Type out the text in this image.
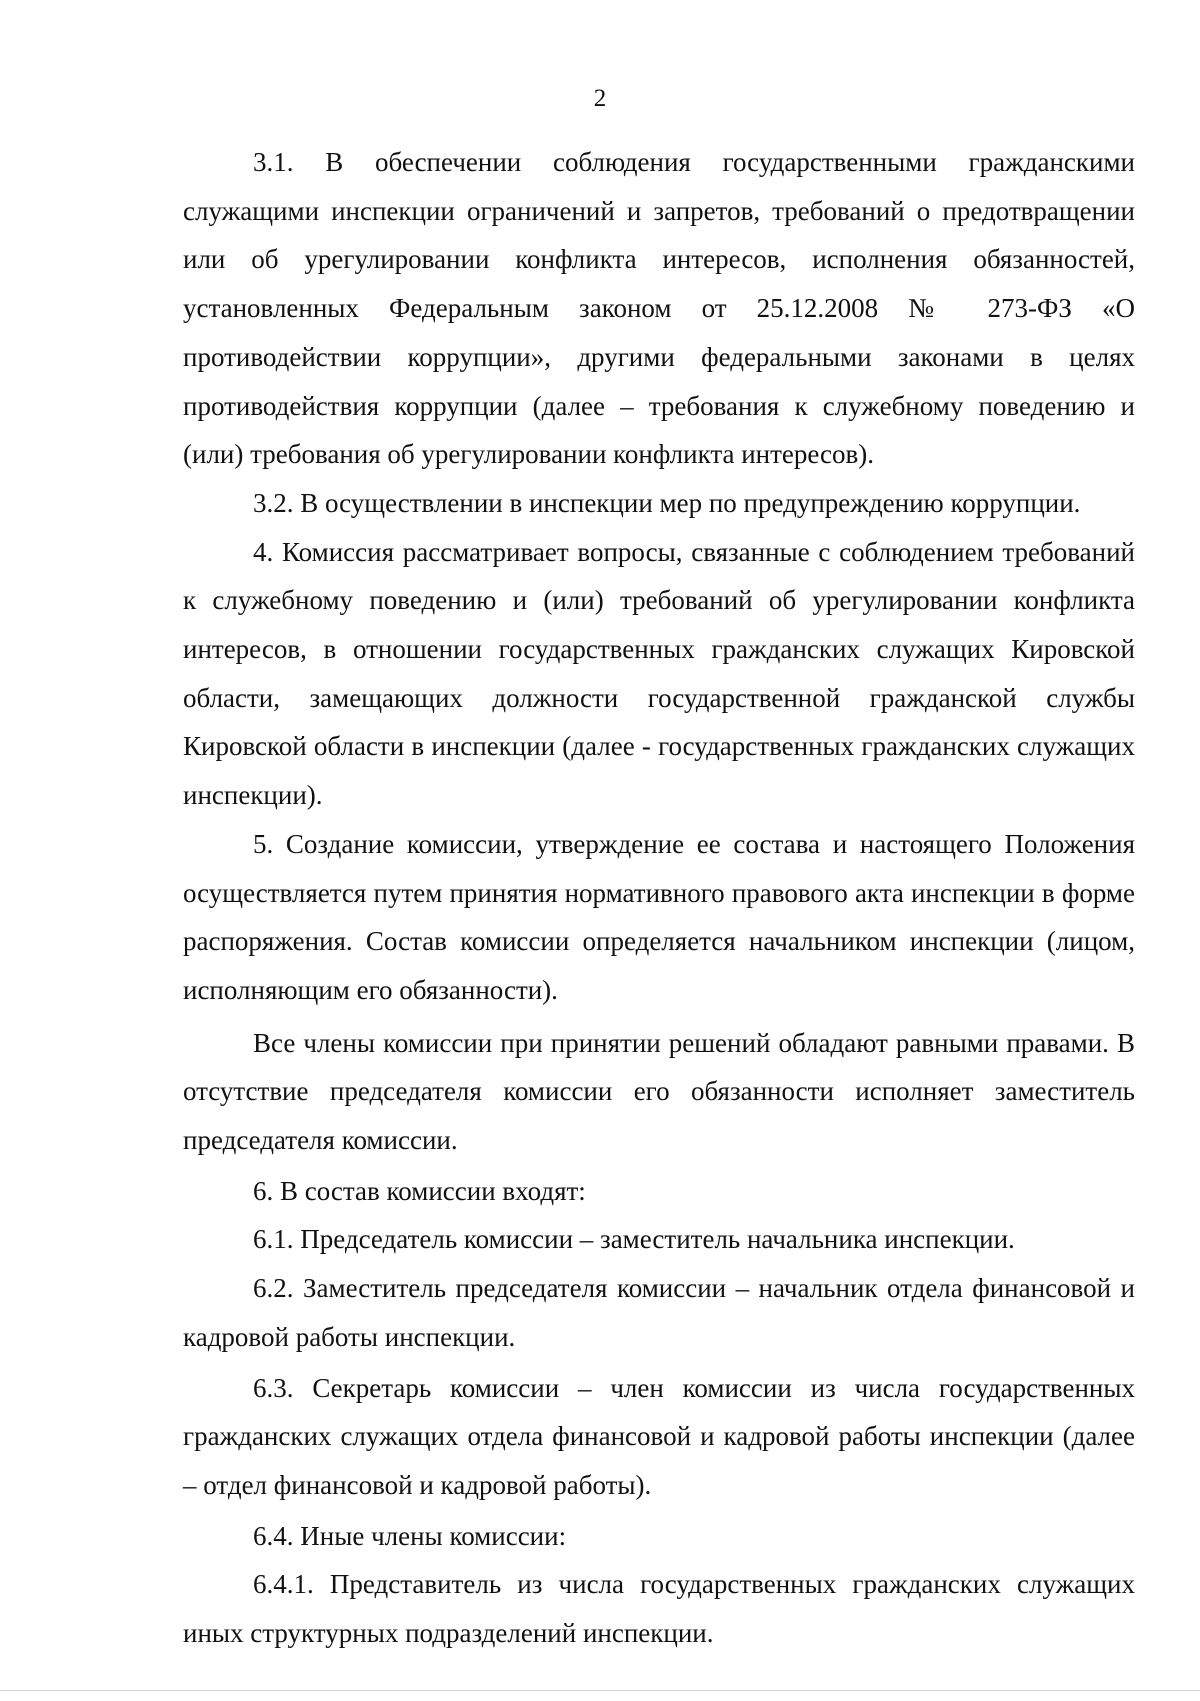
2

3.1. В обеспечении соблюдения государственными гражданскими служащими инспекции ограничений и запретов, требований о предотвращении или об урегулировании конфликта интересов, исполнения обязанностей, установленных Федеральным законом от 25.12.2008 № 273-ФЗ «О противодействии коррупции», другими федеральными законами в целях противодействия коррупции (далее – требования к служебному поведению и (или) требования об урегулировании конфликта интересов).

3.2. В осуществлении в инспекции мер по предупреждению коррупции.

4. Комиссия рассматривает вопросы, связанные с соблюдением требований к служебному поведению и (или) требований об урегулировании конфликта интересов, в отношении государственных гражданских служащих Кировской области, замещающих должности государственной гражданской службы Кировской области в инспекции (далее - государственных гражданских служащих инспекции).

5. Создание комиссии, утверждение ее состава и настоящего Положения осуществляется путем принятия нормативного правового акта инспекции в форме распоряжения. Состав комиссии определяется начальником инспекции (лицом, исполняющим его обязанности).

Все члены комиссии при принятии решений обладают равными правами. В отсутствие председателя комиссии его обязанности исполняет заместитель председателя комиссии.

6. В состав комиссии входят:

6.1. Председатель комиссии – заместитель начальника инспекции.

6.2. Заместитель председателя комиссии – начальник отдела финансовой и кадровой работы инспекции.

6.3. Секретарь комиссии – член комиссии из числа государственных гражданских служащих отдела финансовой и кадровой работы инспекции (далее – отдел финансовой и кадровой работы).

6.4. Иные члены комиссии:

6.4.1. Представитель из числа государственных гражданских служащих иных структурных подразделений инспекции.
